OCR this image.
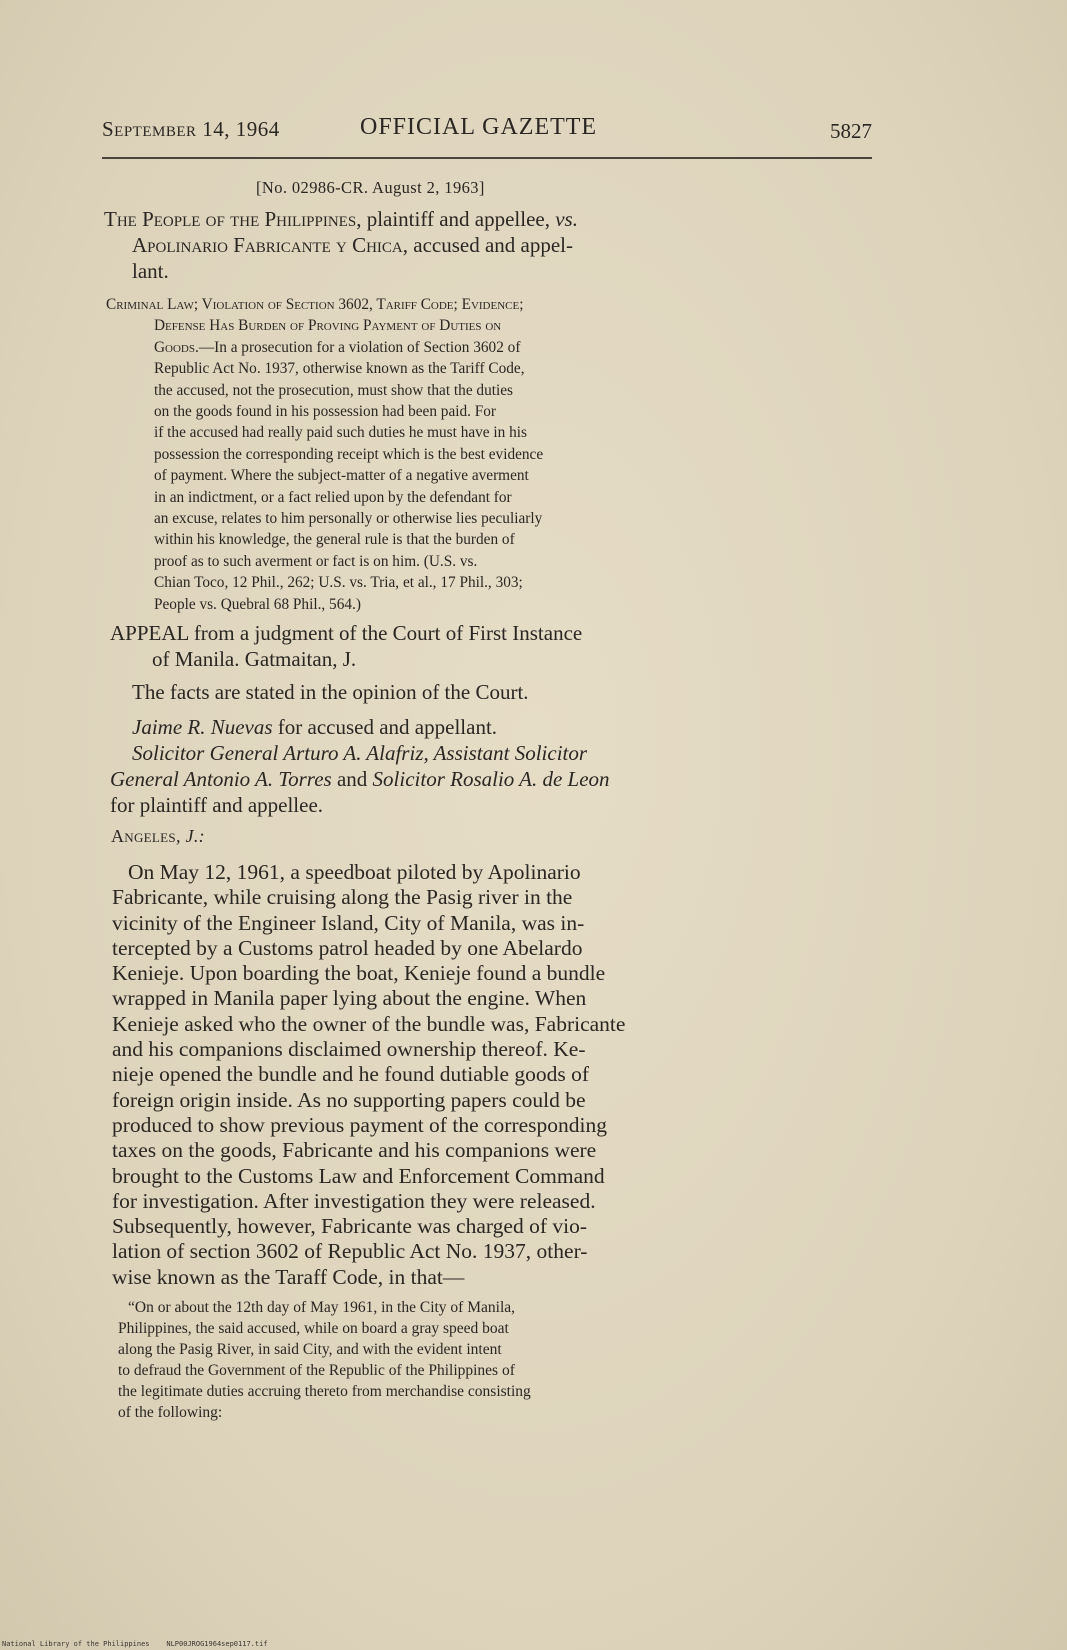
September 14, 1964	OFFICIAL GAZETTE	5827
[No. 02986-CR. August 2, 1963]
The People of the Philippines, plaintiff and appellee, vs.
Apolinario Fabricante y Chica, accused and appel-
lant.
Criminal Law; Violation of Section 3602, Tariff Code; Evidence;
Defense Has Burden of Proving Payment of Duties on
Goods.—In a prosecution for a violation of Section 3602 of
Republic Act No. 1937, otherwise known as the Tariff Code,
the accused, not the prosecution, must show that the duties
on the goods found in his possession had been paid. For
if the accused had really paid such duties he must have in his
possession the corresponding receipt which is the best evidence
of payment. Where the subject-matter of a negative averment
in an indictment, or a fact relied upon by the defendant for
an excuse, relates to him personally or otherwise lies peculiarly
within his knowledge, the general rule is that the burden of
proof as to such averment or fact is on him. (U.S. vs.
Chian Toco, 12 Phil., 262; U.S. vs. Tria, et al., 17 Phil., 303;
People vs. Quebral 68 Phil., 564.)
APPEAL from a judgment of the Court of First Instance
of Manila. Gatmaitan, J.
The facts are stated in the opinion of the Court.
Jaime R. Nuevas for accused and appellant.
Solicitor General Arturo A. Alafriz, Assistant Solicitor
General Antonio A. Torres and Solicitor Rosalio A. de Leon
for plaintiff and appellee.
Angeles, J.:
On May 12, 1961, a speedboat piloted by Apolinario
Fabricante, while cruising along the Pasig river in the
vicinity of the Engineer Island, City of Manila, was in-
tercepted by a Customs patrol headed by one Abelardo
Kenieje. Upon boarding the boat, Kenieje found a bundle
wrapped in Manila paper lying about the engine. When
Kenieje asked who the owner of the bundle was, Fabricante
and his companions disclaimed ownership thereof. Ke-
nieje opened the bundle and he found dutiable goods of
foreign origin inside. As no supporting papers could be
produced to show previous payment of the corresponding
taxes on the goods, Fabricante and his companions were
brought to the Customs Law and Enforcement Command
for investigation. After investigation they were released.
Subsequently, however, Fabricante was charged of vio-
lation of section 3602 of Republic Act No. 1937, other-
wise known as the Taraff Code, in that—
“On or about the 12th day of May 1961, in the City of Manila,
Philippines, the said accused, while on board a gray speed boat
along the Pasig River, in said City, and with the evident intent
to defraud the Government of the Republic of the Philippines of
the legitimate duties accruing thereto from merchandise consisting
of the following:
National Library of the Philippines NLP00JROG1964sep0117.tif
